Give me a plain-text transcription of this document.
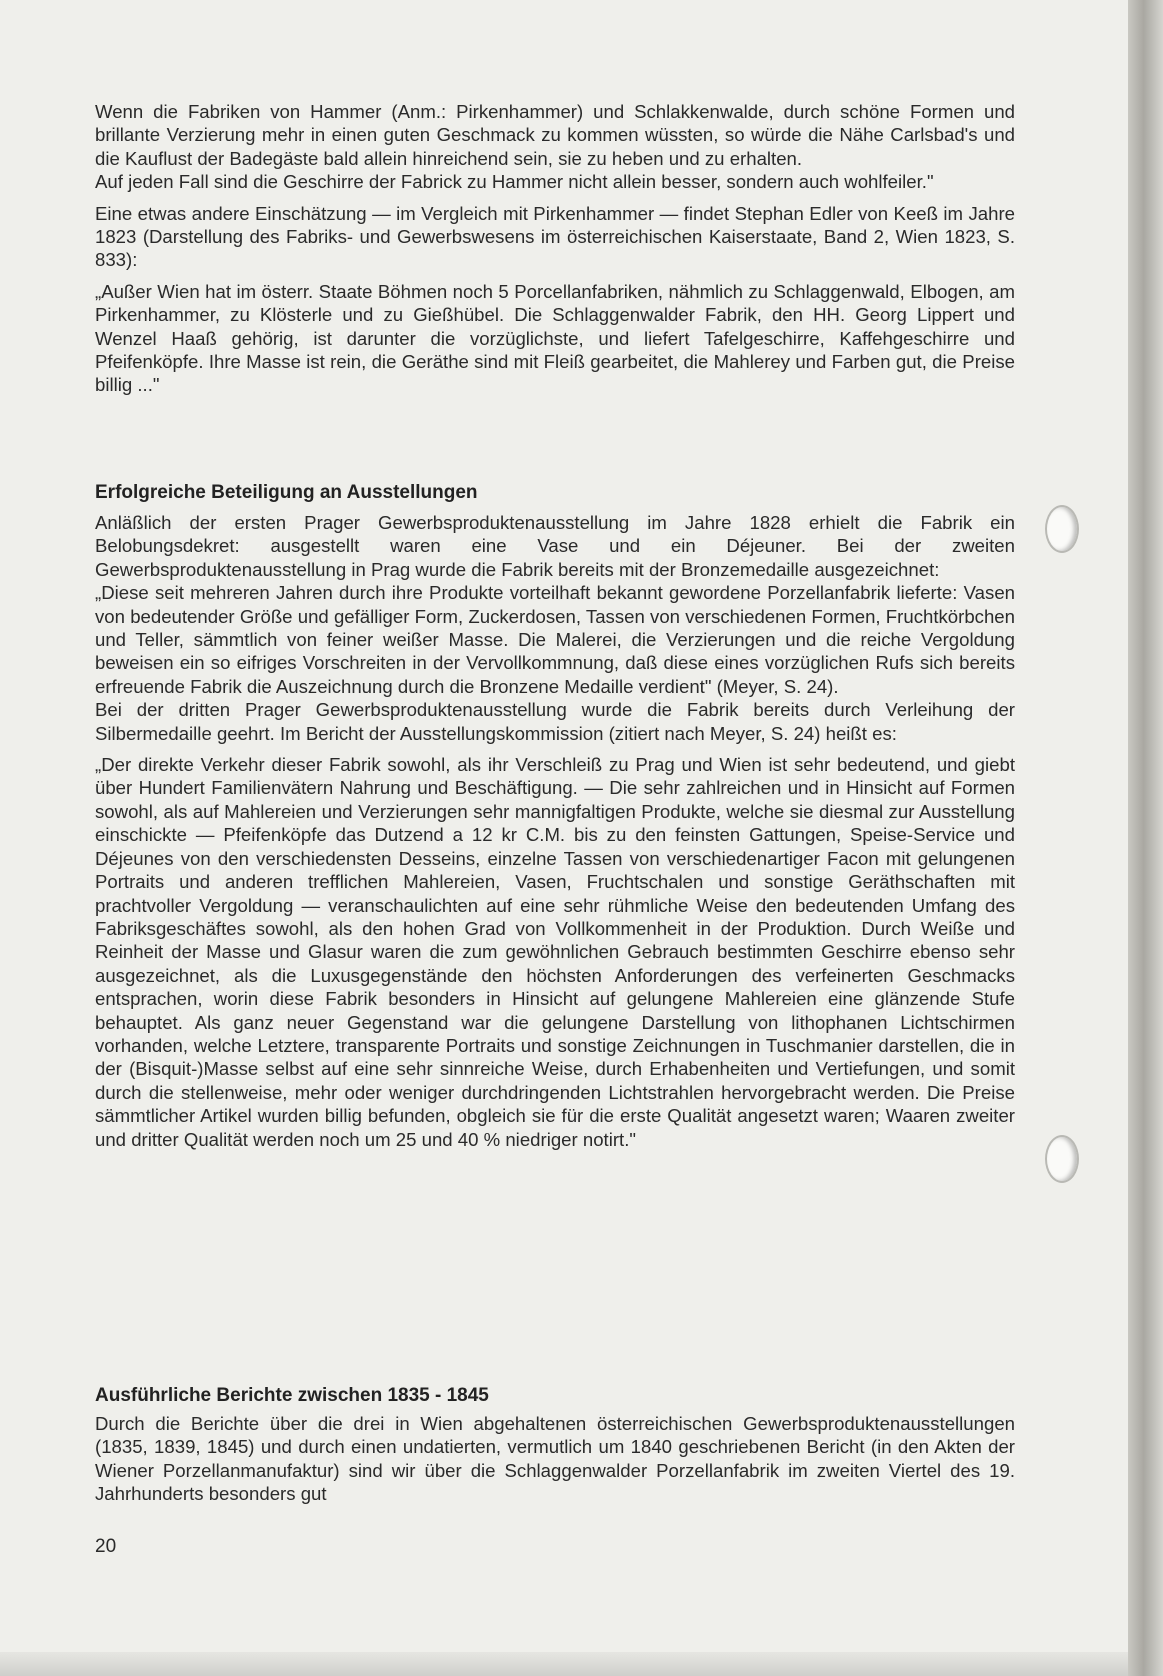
Wenn die Fabriken von Hammer (Anm.: Pirkenhammer) und Schlakkenwalde, durch schöne Formen und brillante Verzierung mehr in einen guten Geschmack zu kommen wüssten, so würde die Nähe Carlsbad's und die Kauflust der Badegäste bald allein hinreichend sein, sie zu heben und zu erhalten.

Auf jeden Fall sind die Geschirre der Fabrick zu Hammer nicht allein besser, sondern auch wohlfeiler."

Eine etwas andere Einschätzung — im Vergleich mit Pirkenhammer — findet Stephan Edler von Keeß im Jahre 1823 (Darstellung des Fabriks- und Gewerbswesens im österreichischen Kaiserstaate, Band 2, Wien 1823, S. 833):

„Außer Wien hat im österr. Staate Böhmen noch 5 Porcellanfabriken, nähmlich zu Schlaggenwald, Elbogen, am Pirkenhammer, zu Klösterle und zu Gießhübel. Die Schlaggenwalder Fabrik, den HH. Georg Lippert und Wenzel Haaß gehörig, ist darunter die vorzüglichste, und liefert Tafelgeschirre, Kaffehgeschirre und Pfeifenköpfe. Ihre Masse ist rein, die Geräthe sind mit Fleiß gearbeitet, die Mahlerey und Farben gut, die Preise billig ..."

Erfolgreiche Beteiligung an Ausstellungen

Anläßlich der ersten Prager Gewerbsproduktenausstellung im Jahre 1828 erhielt die Fabrik ein Belobungsdekret: ausgestellt waren eine Vase und ein Déjeuner. Bei der zweiten Gewerbsproduktenausstellung in Prag wurde die Fabrik bereits mit der Bronzemedaille ausgezeichnet:

„Diese seit mehreren Jahren durch ihre Produkte vorteilhaft bekannt gewordene Porzellanfabrik lieferte: Vasen von bedeutender Größe und gefälliger Form, Zuckerdosen, Tassen von verschiedenen Formen, Fruchtkörbchen und Teller, sämmtlich von feiner weißer Masse. Die Malerei, die Verzierungen und die reiche Vergoldung beweisen ein so eifriges Vorschreiten in der Vervollkommnung, daß diese eines vorzüglichen Rufs sich bereits erfreuende Fabrik die Auszeichnung durch die Bronzene Medaille verdient" (Meyer, S. 24).

Bei der dritten Prager Gewerbsproduktenausstellung wurde die Fabrik bereits durch Verleihung der Silbermedaille geehrt. Im Bericht der Ausstellungskommission (zitiert nach Meyer, S. 24) heißt es:

„Der direkte Verkehr dieser Fabrik sowohl, als ihr Verschleiß zu Prag und Wien ist sehr bedeutend, und giebt über Hundert Familienvätern Nahrung und Beschäftigung. — Die sehr zahlreichen und in Hinsicht auf Formen sowohl, als auf Mahlereien und Verzierungen sehr mannigfaltigen Produkte, welche sie diesmal zur Ausstellung einschickte — Pfeifenköpfe das Dutzend a 12 kr C.M. bis zu den feinsten Gattungen, Speise-Service und Déjeunes von den verschiedensten Desseins, einzelne Tassen von verschiedenartiger Facon mit gelungenen Portraits und anderen trefflichen Mahlereien, Vasen, Fruchtschalen und sonstige Geräthschaften mit prachtvoller Vergoldung — veranschaulichten auf eine sehr rühmliche Weise den bedeutenden Umfang des Fabriksgeschäftes sowohl, als den hohen Grad von Vollkommenheit in der Produktion. Durch Weiße und Reinheit der Masse und Glasur waren die zum gewöhnlichen Gebrauch bestimmten Geschirre ebenso sehr ausgezeichnet, als die Luxusgegenstände den höchsten Anforderungen des verfeinerten Geschmacks entsprachen, worin diese Fabrik besonders in Hinsicht auf gelungene Mahlereien eine glänzende Stufe behauptet. Als ganz neuer Gegenstand war die gelungene Darstellung von lithophanen Lichtschirmen vorhanden, welche Letztere, transparente Portraits und sonstige Zeichnungen in Tuschmanier darstellen, die in der (Bisquit-)Masse selbst auf eine sehr sinnreiche Weise, durch Erhabenheiten und Vertiefungen, und somit durch die stellenweise, mehr oder weniger durchdringenden Lichtstrahlen hervorgebracht werden. Die Preise sämmtlicher Artikel wurden billig befunden, obgleich sie für die erste Qualität angesetzt waren; Waaren zweiter und dritter Qualität werden noch um 25 und 40 % niedriger notirt."

Ausführliche Berichte zwischen 1835 - 1845

Durch die Berichte über die drei in Wien abgehaltenen österreichischen Gewerbsproduktenausstellungen (1835, 1839, 1845) und durch einen undatierten, vermutlich um 1840 geschriebenen Bericht (in den Akten der Wiener Porzellanmanufaktur) sind wir über die Schlaggenwalder Porzellanfabrik im zweiten Viertel des 19. Jahrhunderts besonders gut

20
